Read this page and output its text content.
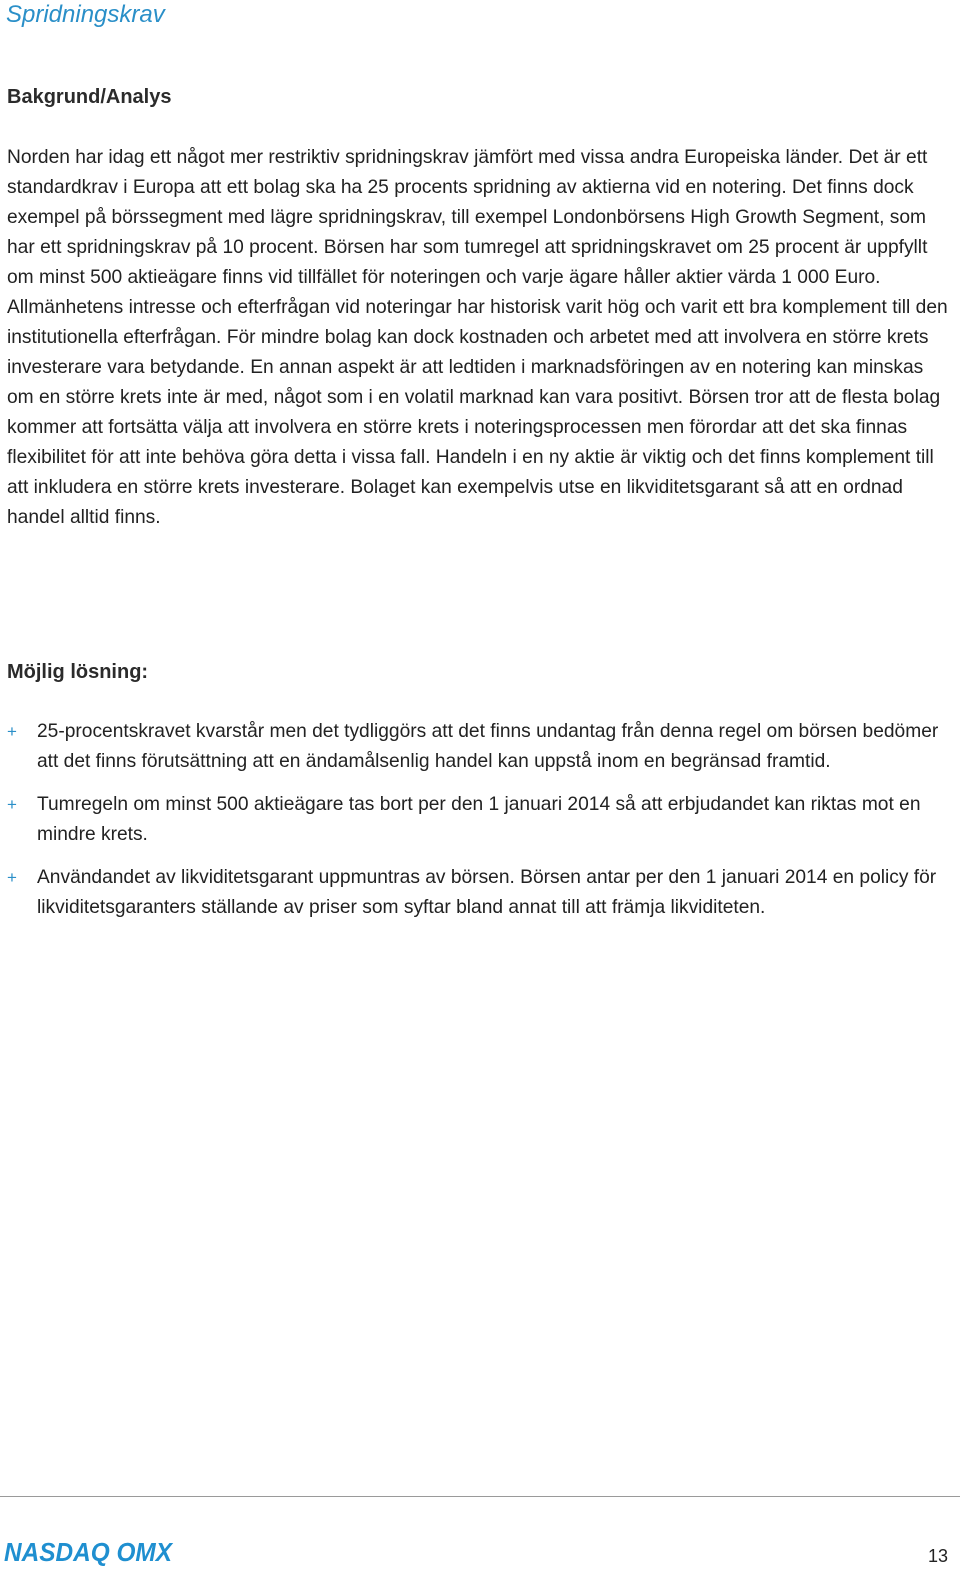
Spridningskrav
Bakgrund/Analys

Norden har idag ett något mer restriktiv spridningskrav jämfört med vissa andra Europeiska länder. Det är ett standardkrav i Europa att ett bolag ska ha 25 procents spridning av aktierna vid en notering. Det finns dock exempel på börssegment med lägre spridningskrav, till exempel Londonbörsens High Growth Segment, som har ett spridningskrav på 10 procent. Börsen har som tumregel att spridningskravet om 25 procent är uppfyllt om minst 500 aktieägare finns vid tillfället för noteringen och varje ägare håller aktier värda 1 000 Euro. Allmänhetens intresse och efterfrågan vid noteringar har historisk varit hög och varit ett bra komplement till den institutionella efterfrågan. För mindre bolag kan dock kostnaden och arbetet med att involvera en större krets investerare vara betydande. En annan aspekt är att ledtiden i marknadsföringen av en notering kan minskas om en större krets inte är med, något som i en volatil marknad kan vara positivt. Börsen tror att de flesta bolag kommer att fortsätta välja att involvera en större krets i noteringsprocessen men förordar att det ska finnas flexibilitet för att inte behöva göra detta i vissa fall. Handeln i en ny aktie är viktig och det finns komplement till att inkludera en större krets investerare. Bolaget kan exempelvis utse en likviditetsgarant så att en ordnad handel alltid finns.

Möjlig lösning:
+ 25-procentskravet kvarstår men det tydliggörs att det finns undantag från denna regel om börsen bedömer att det finns förutsättning att en ändamålsenlig handel kan uppstå inom en begränsad framtid.
+ Tumregeln om minst 500 aktieägare tas bort per den 1 januari 2014 så att erbjudandet kan riktas mot en mindre krets.
+ Användandet av likviditetsgarant uppmuntras av börsen. Börsen antar per den 1 januari 2014 en policy för likviditetsgaranters ställande av priser som syftar bland annat till att främja likviditeten.
NASDAQ OMX	13
